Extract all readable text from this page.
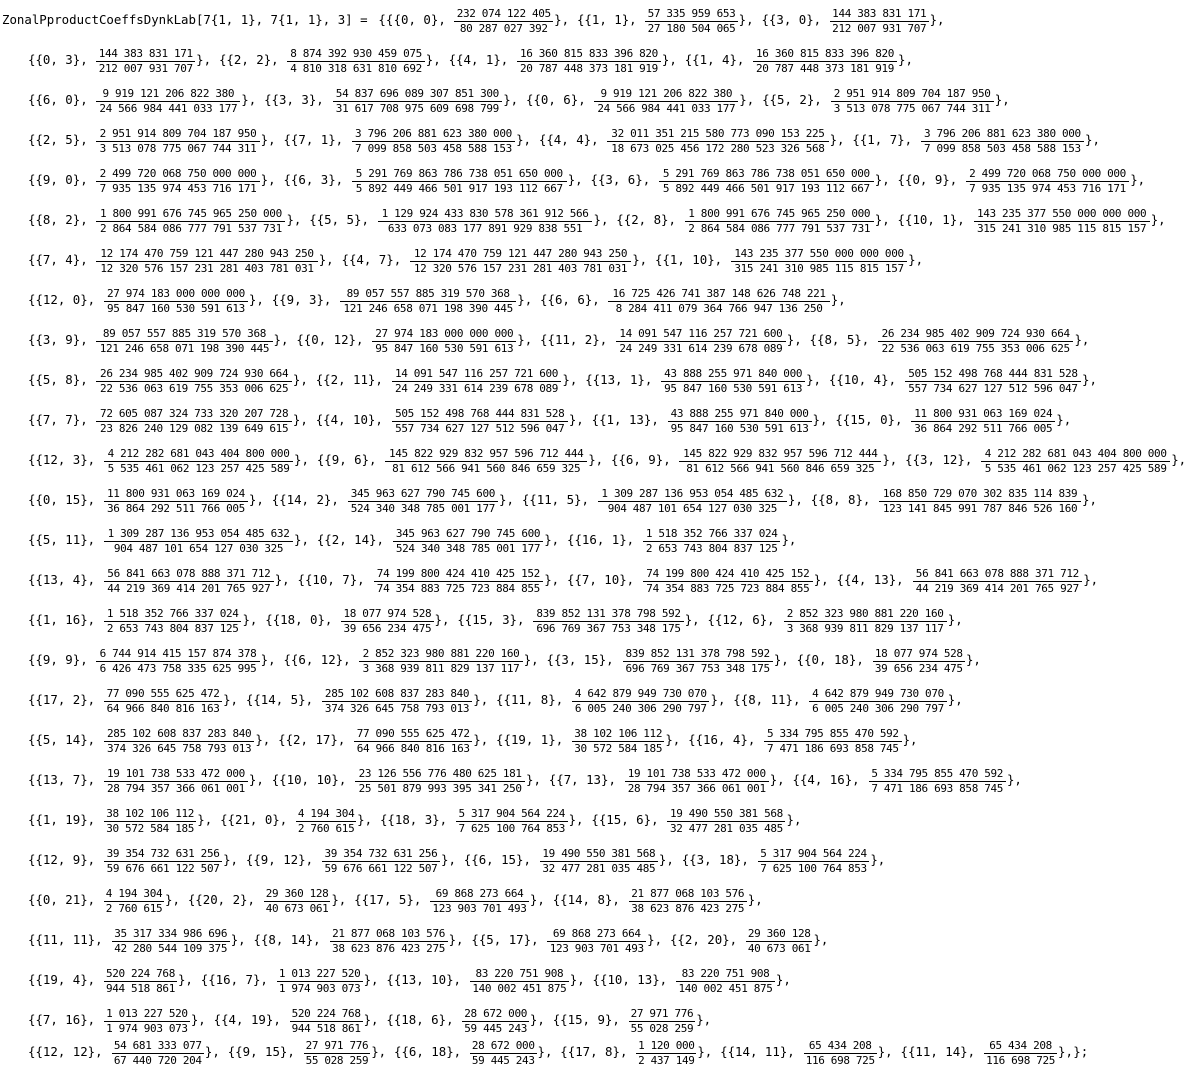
ZonalPproductCoeffsDynkLab[7{1, 1}, 7{1, 1}, 3] = {{ {0, 0}, 232 074 122 405
80 287 027 392
}, {{1, 1}, 57 335 959 653
27 180 504 065
}, {{3, 0}, 144 383 831 171
212 007 931 707
},
{{0, 3}, 144 383 831 171
212 007 931 707
}, {{2, 2}, 8 874 392 930 459 075
4 810 318 631 810 692
}, {{4, 1}, 16 360 815 833 396 820
20 787 448 373 181 919
}, {{1, 4}, 16 360 815 833 396 820
20 787 448 373 181 919
},
{{6, 0},	9 919 121 206 822 380
24 566 984 441 033 177
}, {{3, 3}, 54 837 696 089 307 851 300
31 617 708 975 609 698 799
}, {{0, 6},	9 919 121 206 822 380
24 566 984 441 033 177
}, {{5, 2}, 2 951 914 809 704 187 950
3 513 078 775 067 744 311
},
{{2, 5}, 2 951 914 809 704 187 950
3 513 078 775 067 744 311
}, {{7, 1}, 3 796 206 881 623 380 000
7 099 858 503 458 588 153
}, {{4, 4},	32 011 351 215 580 773 090 153 225
18 673 025 456 172 280 523 326 568
}, {{1, 7}, 3 796 206 881 623 380 000
7 099 858 503 458 588 153
},
{{9, 0}, 2 499 720 068 750 000 000
7 935 135 974 453 716 171
}, {{6, 3},	5 291 769 863 786 738 051 650 000
5 892 449 466 501 917 193 112 667
}, {{3, 6},	5 291 769 863 786 738 051 650 000
5 892 449 466 501 917 193 112 667
}, {{0, 9}, 2 499 720 068 750 000 000
7 935 135 974 453 716 171
},
{{8, 2},	1 800 991 676 745 965 250 000
2 864 584 086 777 791 537 731
}, {{5, 5},	1 129 924 433 830 578 361 912 566
633 073 083 177 891 929 838 551
}, {{2, 8},	1 800 991 676 745 965 250 000
2 864 584 086 777 791 537 731
}, {{10, 1},	143 235 377 550 000 000 000
315 241 310 985 115 815 157
},
{{7, 4},	12 174 470 759 121 447 280 943 250
12 320 576 157 231 281 403 781 031
}, {{4, 7},	12 174 470 759 121 447 280 943 250
12 320 576 157 231 281 403 781 031
}, {{1, 10},	143 235 377 550 000 000 000
315 241 310 985 115 815 157
},
{{12, 0}, 27 974 183 000 000 000
95 847 160 530 591 613
}, {{9, 3},	89 057 557 885 319 570 368
121 246 658 071 198 390 445
}, {{6, 6},	16 725 426 741 387 148 626 748 221
8 284 411 079 364 766 947 136 250
},
{{3, 9},	89 057 557 885 319 570 368
121 246 658 071 198 390 445
}, {{0, 12}, 27 974 183 000 000 000
95 847 160 530 591 613
}, {{11, 2}, 14 091 547 116 257 721 600
24 249 331 614 239 678 089
}, {{8, 5},	26 234 985 402 909 724 930 664
22 536 063 619 755 353 006 625
},
{{5, 8},	26 234 985 402 909 724 930 664
22 536 063 619 755 353 006 625
}, {{2, 11}, 14 091 547 116 257 721 600
24 249 331 614 239 678 089
}, {{13, 1}, 43 888 255 971 840 000
95 847 160 530 591 613
}, {{10, 4},	505 152 498 768 444 831 528
557 734 627 127 512 596 047
},
{{7, 7},	72 605 087 324 733 320 207 728
23 826 240 129 082 139 649 615
}, {{4, 10},	505 152 498 768 444 831 528
557 734 627 127 512 596 047
}, {{1, 13}, 43 888 255 971 840 000
95 847 160 530 591 613
}, {{15, 0}, 11 800 931 063 169 024
36 864 292 511 766 005
},
{{12, 3},	4 212 282 681 043 404 800 000
5 535 461 062 123 257 425 589
}, {{9, 6},	145 822 929 832 957 596 712 444
81 612 566 941 560 846 659 325
}, {{6, 9},	145 822 929 832 957 596 712 444
81 612 566 941 560 846 659 325
}, {{3, 12},	4 212 282 681 043 404 800 000
5 535 461 062 123 257 425 589
},
{{0, 15}, 11 800 931 063 169 024
36 864 292 511 766 005
}, {{14, 2}, 345 963 627 790 745 600
524 340 348 785 001 177
}, {{11, 5},	1 309 287 136 953 054 485 632
904 487 101 654 127 030 325
}, {{8, 8},	168 850 729 070 302 835 114 839
123 141 845 991 787 846 526 160
},
{{5, 11},	1 309 287 136 953 054 485 632
904 487 101 654 127 030 325
}, {{2, 14}, 345 963 627 790 745 600
524 340 348 785 001 177
}, {{16, 1}, 1 518 352 766 337 024
2 653 743 804 837 125
},
{{13, 4}, 56 841 663 078 888 371 712
44 219 369 414 201 765 927
}, {{10, 7}, 74 199 800 424 410 425 152
74 354 883 725 723 884 855
}, {{7, 10}, 74 199 800 424 410 425 152
74 354 883 725 723 884 855
}, {{4, 13}, 56 841 663 078 888 371 712
44 219 369 414 201 765 927
},
{{1, 16}, 1 518 352 766 337 024
2 653 743 804 837 125
}, {{18, 0}, 18 077 974 528
39 656 234 475
}, {{15, 3}, 839 852 131 378 798 592
696 769 367 753 348 175
}, {{12, 6}, 2 852 323 980 881 220 160
3 368 939 811 829 137 117
},
{{9, 9}, 6 744 914 415 157 874 378
6 426 473 758 335 625 995
}, {{6, 12}, 2 852 323 980 881 220 160
3 368 939 811 829 137 117
}, {{3, 15}, 839 852 131 378 798 592
696 769 367 753 348 175
}, {{0, 18}, 18 077 974 528
39 656 234 475
},
{{17, 2}, 77 090 555 625 472
64 966 840 816 163
}, {{14, 5}, 285 102 608 837 283 840
374 326 645 758 793 013
}, {{11, 8}, 4 642 879 949 730 070
6 005 240 306 290 797
}, {{8, 11}, 4 642 879 949 730 070
6 005 240 306 290 797
},
{{5, 14}, 285 102 608 837 283 840
374 326 645 758 793 013
}, {{2, 17}, 77 090 555 625 472
64 966 840 816 163
}, {{19, 1}, 38 102 106 112
30 572 584 185
}, {{16, 4}, 5 334 795 855 470 592
7 471 186 693 858 745
},
{{13, 7}, 19 101 738 533 472 000
28 794 357 366 061 001
}, {{10, 10}, 23 126 556 776 480 625 181
25 501 879 993 395 341 250
}, {{7, 13}, 19 101 738 533 472 000
28 794 357 366 061 001
}, {{4, 16}, 5 334 795 855 470 592
7 471 186 693 858 745
},
{{1, 19}, 38 102 106 112
30 572 584 185
}, {{21, 0}, 4 194 304
2 760 615
}, {{18, 3}, 5 317 904 564 224
7 625 100 764 853
}, {{15, 6}, 19 490 550 381 568
32 477 281 035 485
},
{{12, 9}, 39 354 732 631 256
59 676 661 122 507
}, {{9, 12}, 39 354 732 631 256
59 676 661 122 507
}, {{6, 15}, 19 490 550 381 568
32 477 281 035 485
}, {{3, 18}, 5 317 904 564 224
7 625 100 764 853
},
{{0, 21}, 4 194 304
2 760 615
}, {{20, 2}, 29 360 128
40 673 061
}, {{17, 5},	69 868 273 664
123 903 701 493
}, {{14, 8}, 21 877 068 103 576
38 623 876 423 275
},
{{11, 11}, 35 317 334 986 696
42 280 544 109 375
}, {{8, 14}, 21 877 068 103 576
38 623 876 423 275
}, {{5, 17},	69 868 273 664
123 903 701 493
}, {{2, 20}, 29 360 128
40 673 061
},
{{19, 4}, 520 224 768
944 518 861
}, {{16, 7}, 1 013 227 520
1 974 903 073
}, {{13, 10},	83 220 751 908
140 002 451 875
}, {{10, 13},	83 220 751 908
140 002 451 875
},
{{7, 16}, 1 013 227 520
1 974 903 073
}, {{4, 19}, 520 224 768
944 518 861
}, {{18, 6}, 28 672 000
59 445 243
}, {{15, 9}, 27 971 776
55 028 259
},
{{12, 12}, 54 681 333 077
67 440 720 204
}, {{9, 15}, 27 971 776
55 028 259
}, {{6, 18}, 28 672 000
59 445 243
}, {{17, 8}, 1 120 000
2 437 149
}, {{14, 11},	65 434 208
116 698 725
}, {{11, 14},	65 434 208
116 698 725
}, };
